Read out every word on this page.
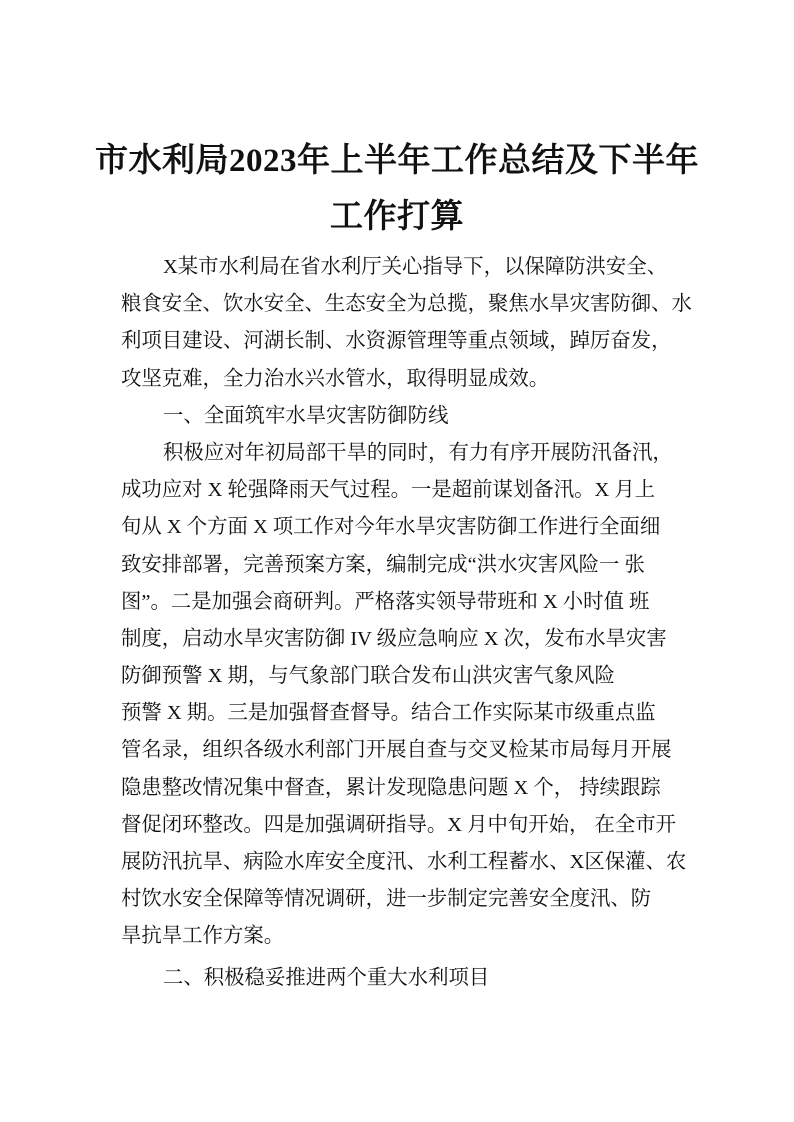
市水利局2023年上半年工作总结及下半年
工作打算
X某市水利局在省水利厅关心指导下，以保障防洪安全、
粮食安全、饮水安全、生态安全为总揽，聚焦水旱灾害防御、水
利项目建设、河湖长制、水资源管理等重点领域，踔厉奋发，
攻坚克难，全力治水兴水管水，取得明显成效。
一、全面筑牢水旱灾害防御防线
积极应对年初局部干旱的同时，有力有序开展防汛备汛，
成功应对 X 轮强降雨天气过程。一是超前谋划备汛。X 月上
旬从 X 个方面 X 项工作对今年水旱灾害防御工作进行全面细
致安排部署，完善预案方案，编制完成“洪水灾害风险一 张
图”。二是加强会商研判。严格落实领导带班和 X 小时值 班
制度，启动水旱灾害防御 IV 级应急响应 X 次，发布水旱灾害
防御预警 X 期，与气象部门联合发布山洪灾害气象风险
预警 X 期。三是加强督查督导。结合工作实际某市级重点监
管名录，组织各级水利部门开展自查与交叉检某市局每月开展
隐患整改情况集中督查，累计发现隐患问题 X 个， 持续跟踪
督促闭环整改。四是加强调研指导。X 月中旬开始， 在全市开
展防汛抗旱、病险水库安全度汛、水利工程蓄水、X区保灌、农
村饮水安全保障等情况调研，进一步制定完善安全度汛、防
旱抗旱工作方案。
二、积极稳妥推进两个重大水利项目
